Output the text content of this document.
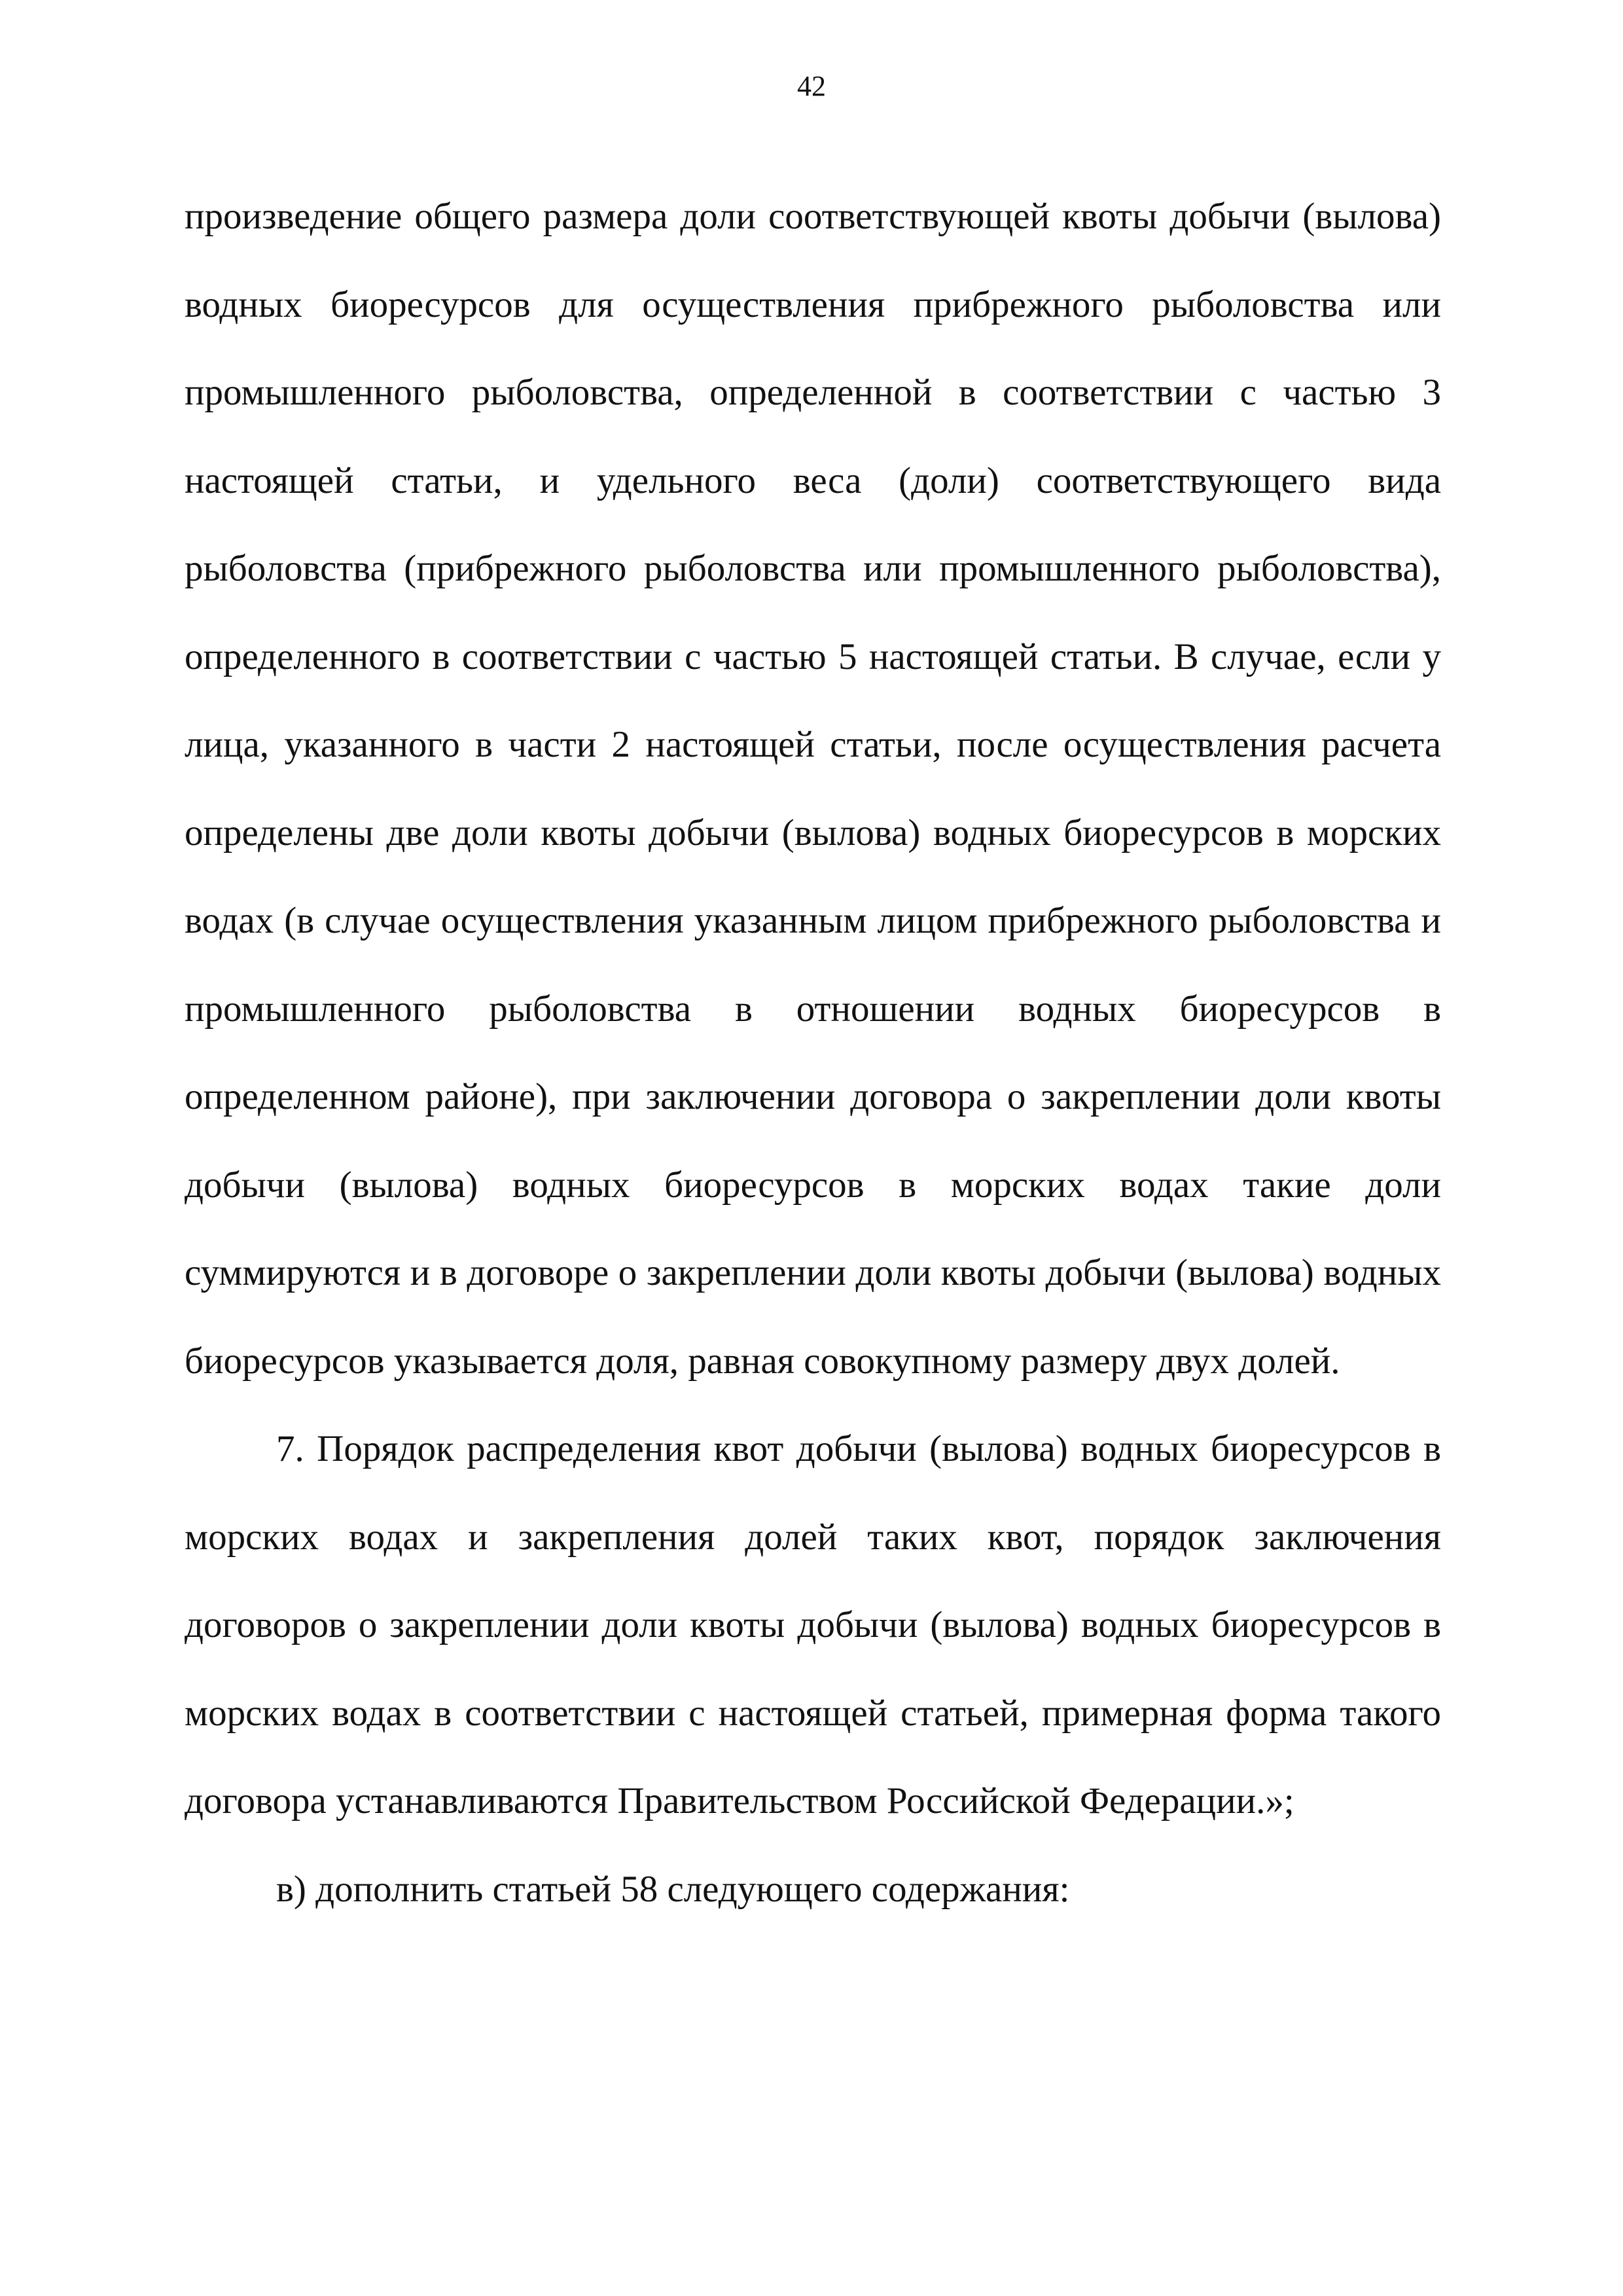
42

произведение общего размера доли соответствующей квоты добычи (вылова) водных биоресурсов для осуществления прибрежного рыболовства или промышленного рыболовства, определенной в соответствии с частью 3 настоящей статьи, и удельного веса (доли) соответствующего вида рыболовства (прибрежного рыболовства или промышленного рыболовства), определенного в соответствии с частью 5 настоящей статьи. В случае, если у лица, указанного в части 2 настоящей статьи, после осуществления расчета определены две доли квоты добычи (вылова) водных биоресурсов в морских водах (в случае осуществления указанным лицом прибрежного рыболовства и промышленного рыболовства в отношении водных биоресурсов в определенном районе), при заключении договора о закреплении доли квоты добычи (вылова) водных биоресурсов в морских водах такие доли суммируются и в договоре о закреплении доли квоты добычи (вылова) водных биоресурсов указывается доля, равная совокупному размеру двух долей.

7. Порядок распределения квот добычи (вылова) водных биоресурсов в морских водах и закрепления долей таких квот, порядок заключения договоров о закреплении доли квоты добычи (вылова) водных биоресурсов в морских водах в соответствии с настоящей статьей, примерная форма такого договора устанавливаются Правительством Российской Федерации.»;

в) дополнить статьей 58 следующего содержания:
